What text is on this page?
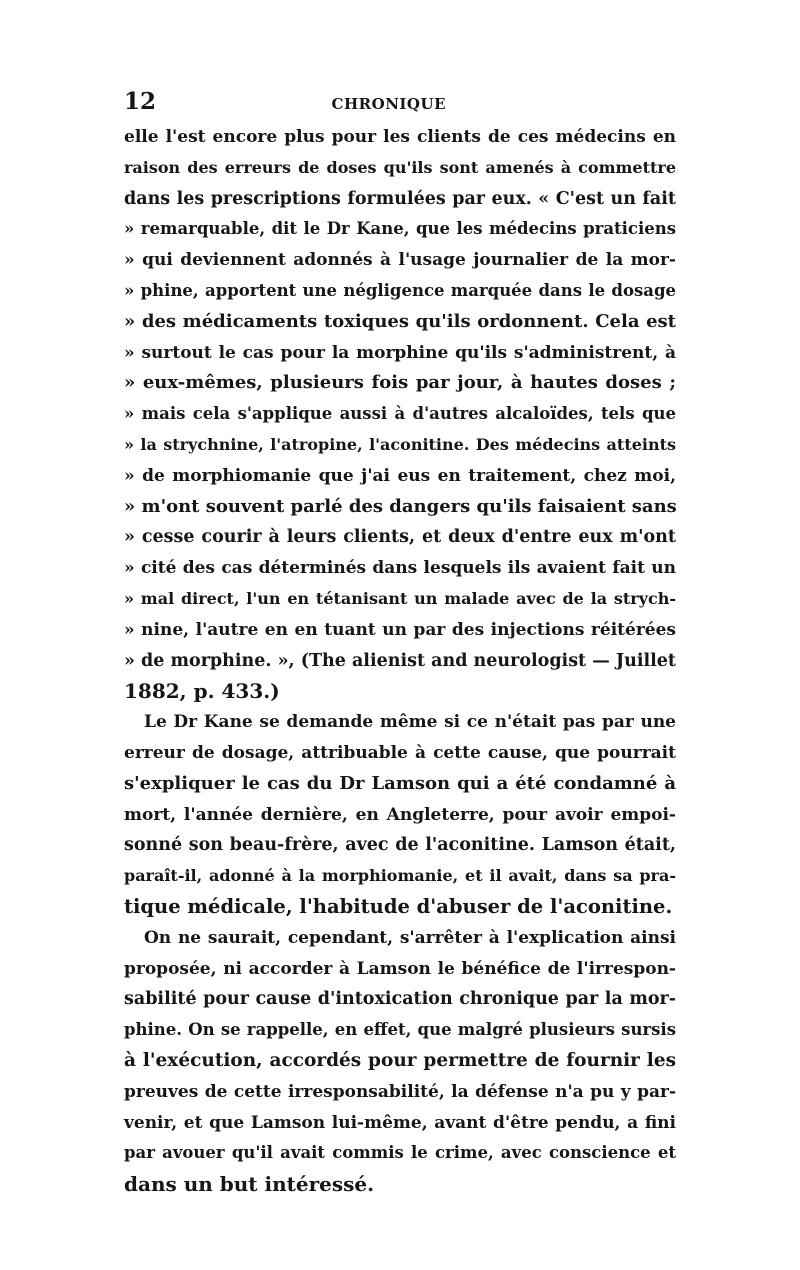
12	CHRONIQUE
elle l'est encore plus pour les clients de ces médecins en
raison des erreurs de doses qu'ils sont amenés à commettre
dans les prescriptions formulées par eux. « C'est un fait
» remarquable, dit le Dr Kane, que les médecins praticiens
» qui deviennent adonnés à l'usage journalier de la mor-
» phine, apportent une négligence marquée dans le dosage
» des médicaments toxiques qu'ils ordonnent. Cela est
» surtout le cas pour la morphine qu'ils s'administrent, à
» eux-mêmes, plusieurs fois par jour, à hautes doses ;
» mais cela s'applique aussi à d'autres alcaloïdes, tels que
» la strychnine, l'atropine, l'aconitine. Des médecins atteints
» de morphiomanie que j'ai eus en traitement, chez moi,
» m'ont souvent parlé des dangers qu'ils faisaient sans
» cesse courir à leurs clients, et deux d'entre eux m'ont
» cité des cas déterminés dans lesquels ils avaient fait un
» mal direct, l'un en tétanisant un malade avec de la strych-
» nine, l'autre en en tuant un par des injections réitérées
» de morphine. », (The alienist and neurologist — Juillet
1882, p. 433.)
Le Dr Kane se demande même si ce n'était pas par une
erreur de dosage, attribuable à cette cause, que pourrait
s'expliquer le cas du Dr Lamson qui a été condamné à
mort, l'année dernière, en Angleterre, pour avoir empoi-
sonné son beau-frère, avec de l'aconitine. Lamson était,
paraît-il, adonné à la morphiomanie, et il avait, dans sa pra-
tique médicale, l'habitude d'abuser de l'aconitine.
On ne saurait, cependant, s'arrêter à l'explication ainsi
proposée, ni accorder à Lamson le bénéfice de l'irrespon-
sabilité pour cause d'intoxication chronique par la mor-
phine. On se rappelle, en effet, que malgré plusieurs sursis
à l'exécution, accordés pour permettre de fournir les
preuves de cette irresponsabilité, la défense n'a pu y par-
venir, et que Lamson lui-même, avant d'être pendu, a fini
par avouer qu'il avait commis le crime, avec conscience et
dans un but intéressé.
